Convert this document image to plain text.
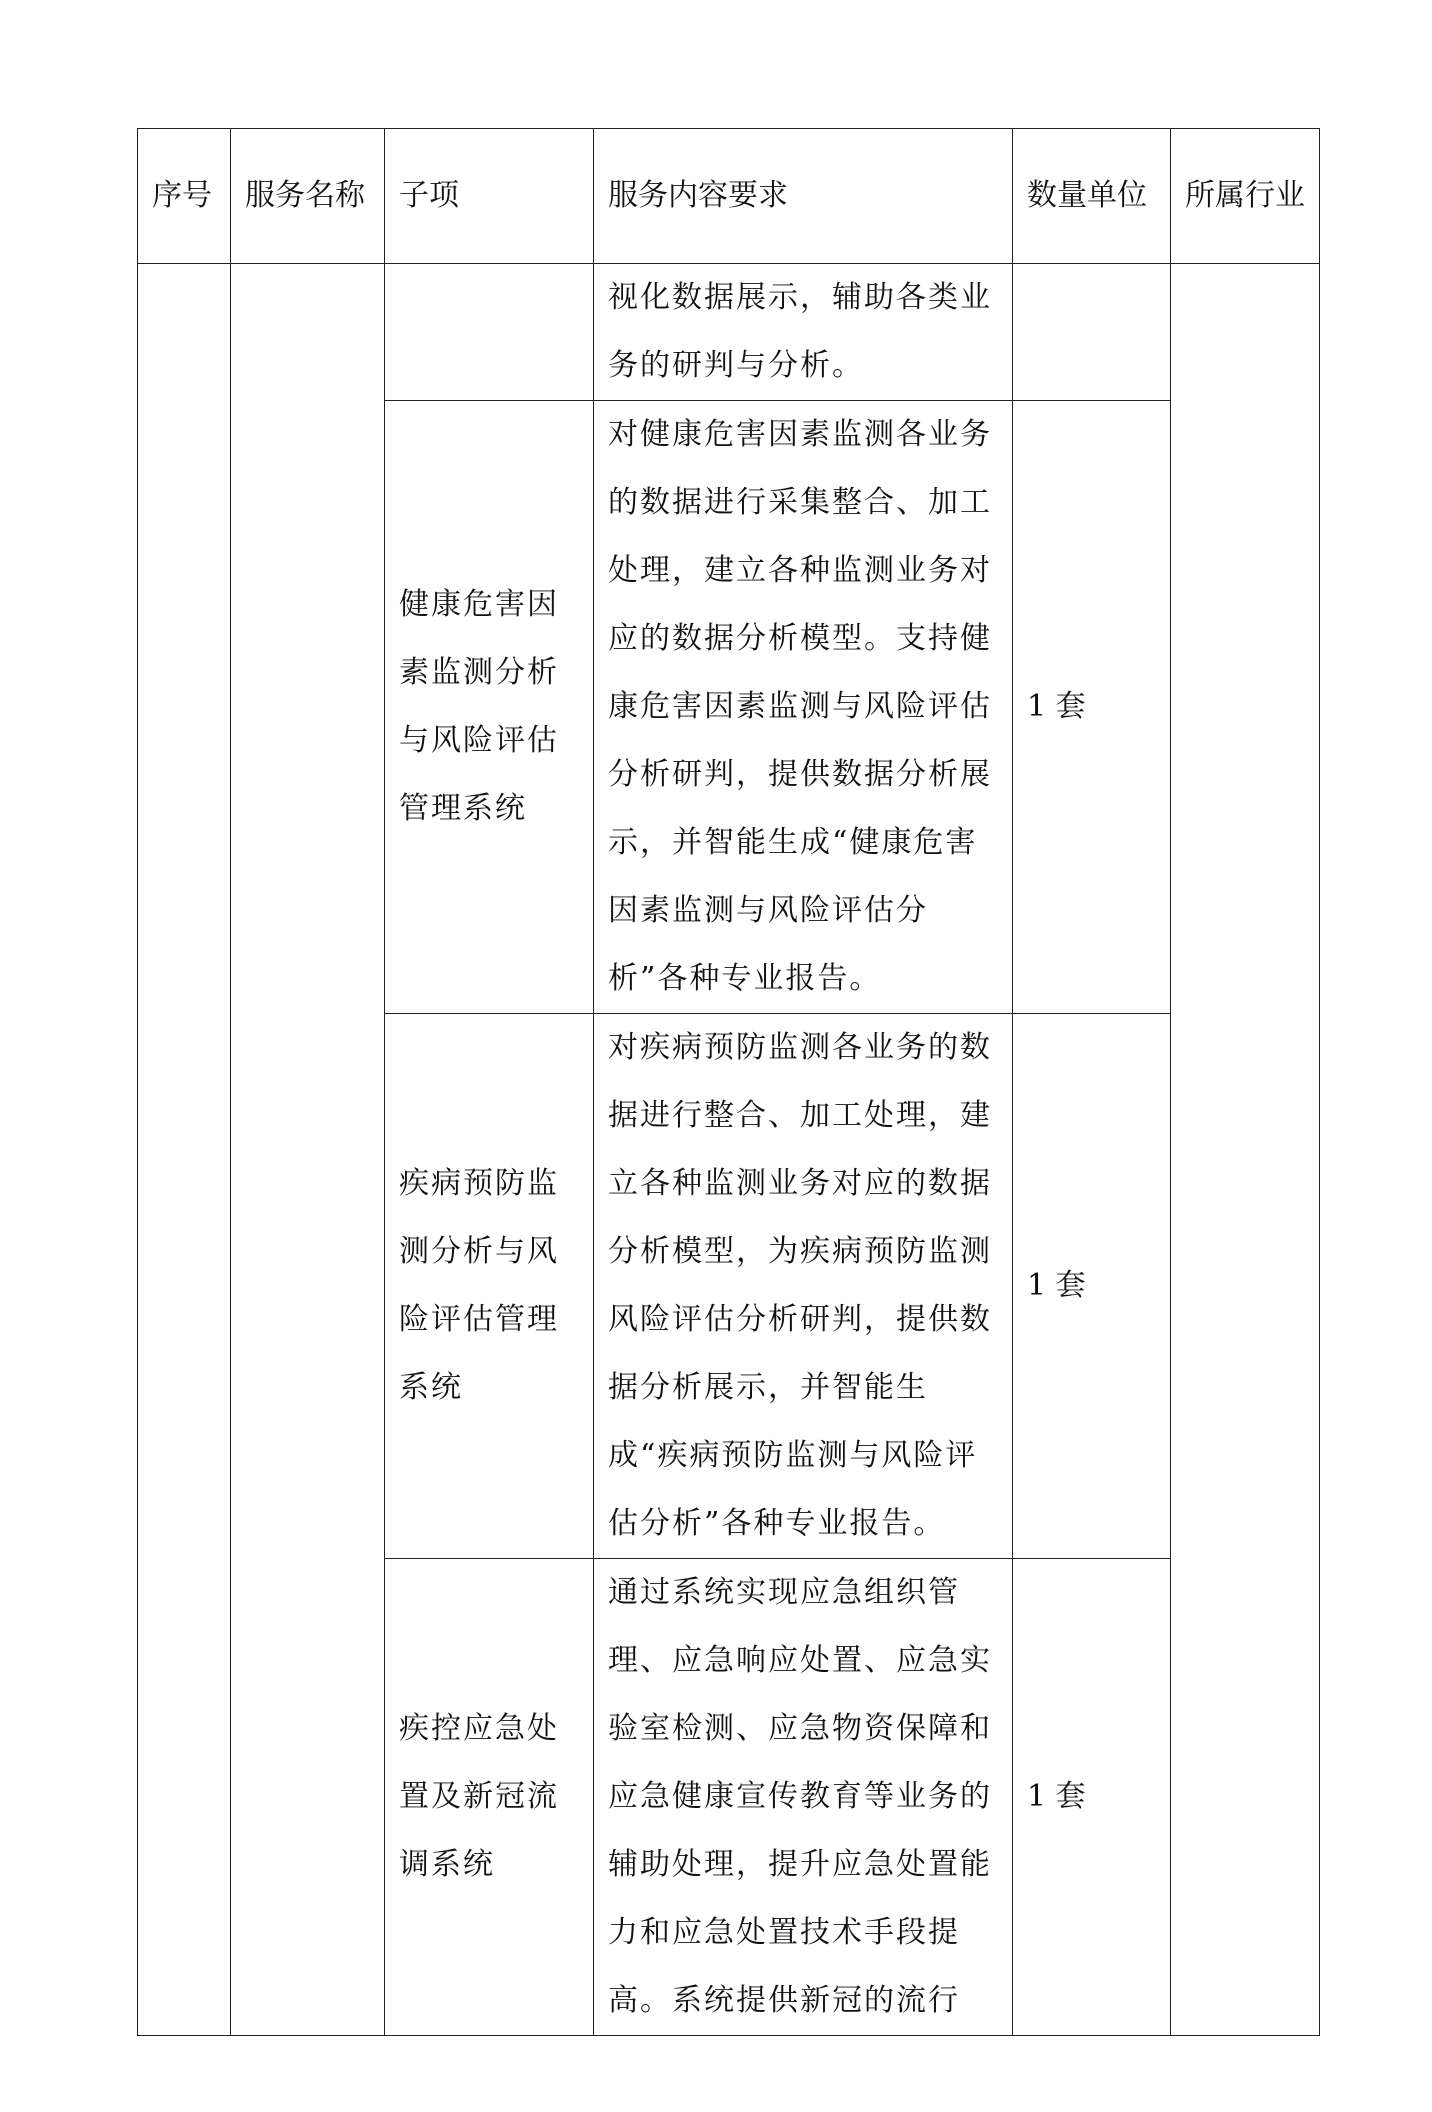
序号	服务名称	子项	服务内容要求	数量单位	所属行业
			视化数据展示，辅助各类业务的研判与分析。		
		健康危害因素监测分析与风险评估管理系统	对健康危害因素监测各业务的数据进行采集整合、加工处理，建立各种监测业务对应的数据分析模型。支持健康危害因素监测与风险评估分析研判，提供数据分析展示，并智能生成“健康危害因素监测与风险评估分析”各种专业报告。	1 套	
		疾病预防监测分析与风险评估管理系统	对疾病预防监测各业务的数据进行整合、加工处理，建立各种监测业务对应的数据分析模型，为疾病预防监测风险评估分析研判，提供数据分析展示，并智能生成“疾病预防监测与风险评估分析”各种专业报告。	1 套	
		疾控应急处置及新冠流调系统	通过系统实现应急组织管理、应急响应处置、应急实验室检测、应急物资保障和应急健康宣传教育等业务的辅助处理，提升应急处置能力和应急处置技术手段提高。系统提供新冠的流行	1 套	
